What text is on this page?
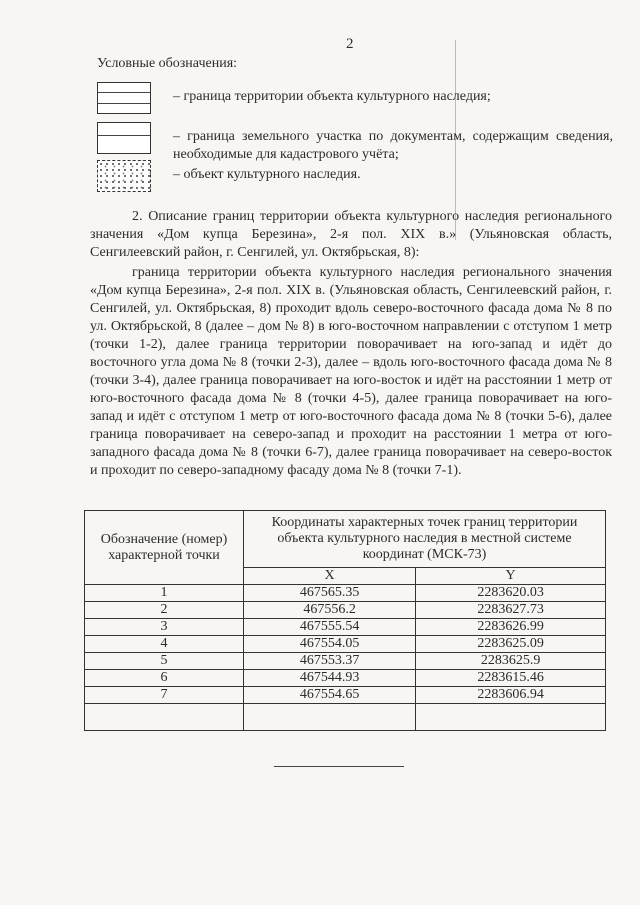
2
Условные обозначения:
– граница территории объекта культурного наследия;
– граница земельного участка по документам, содержащим сведения, необходимые для кадастрового учёта;
– объект культурного наследия.

2. Описание границ территории объекта культурного наследия регионального значения «Дом купца Березина», 2-я пол. XIX в.» (Ульяновская область, Сенгилеевский район, г. Сенгилей, ул. Октябрьская, 8):

граница территории объекта культурного наследия регионального значения «Дом купца Березина», 2-я пол. XIX в. (Ульяновская область, Сенгилеевский район, г. Сенгилей, ул. Октябрьская, 8) проходит вдоль северо-восточного фасада дома № 8 по ул. Октябрьской, 8 (далее – дом № 8) в юго-восточном направлении с отступом 1 метр (точки 1-2), далее граница территории поворачивает на юго-запад и идёт до восточного угла дома № 8 (точки 2-3), далее – вдоль юго-восточного фасада дома № 8 (точки 3-4), далее граница поворачивает на юго-восток и идёт на расстоянии 1 метр от юго-восточного фасада дома № 8 (точки 4-5), далее граница поворачивает на юго-запад и идёт с отступом 1 метр от юго-восточного фасада дома № 8 (точки 5-6), далее граница поворачивает на северо-запад и проходит на расстоянии 1 метра от юго-западного фасада дома № 8 (точки 6-7), далее граница поворачивает на северо-восток и проходит по северо-западному фасаду дома № 8 (точки 7-1).

Обозначение (номер) характерной точки	Координаты характерных точек границ территории объекта культурного наследия в местной системе координат (МСК-73)	
	X	Y
1	467565.35	2283620.03
2	467556.2	2283627.73
3	467555.54	2283626.99
4	467554.05	2283625.09
5	467553.37	2283625.9
6	467544.93	2283615.46
7	467554.65	2283606.94
